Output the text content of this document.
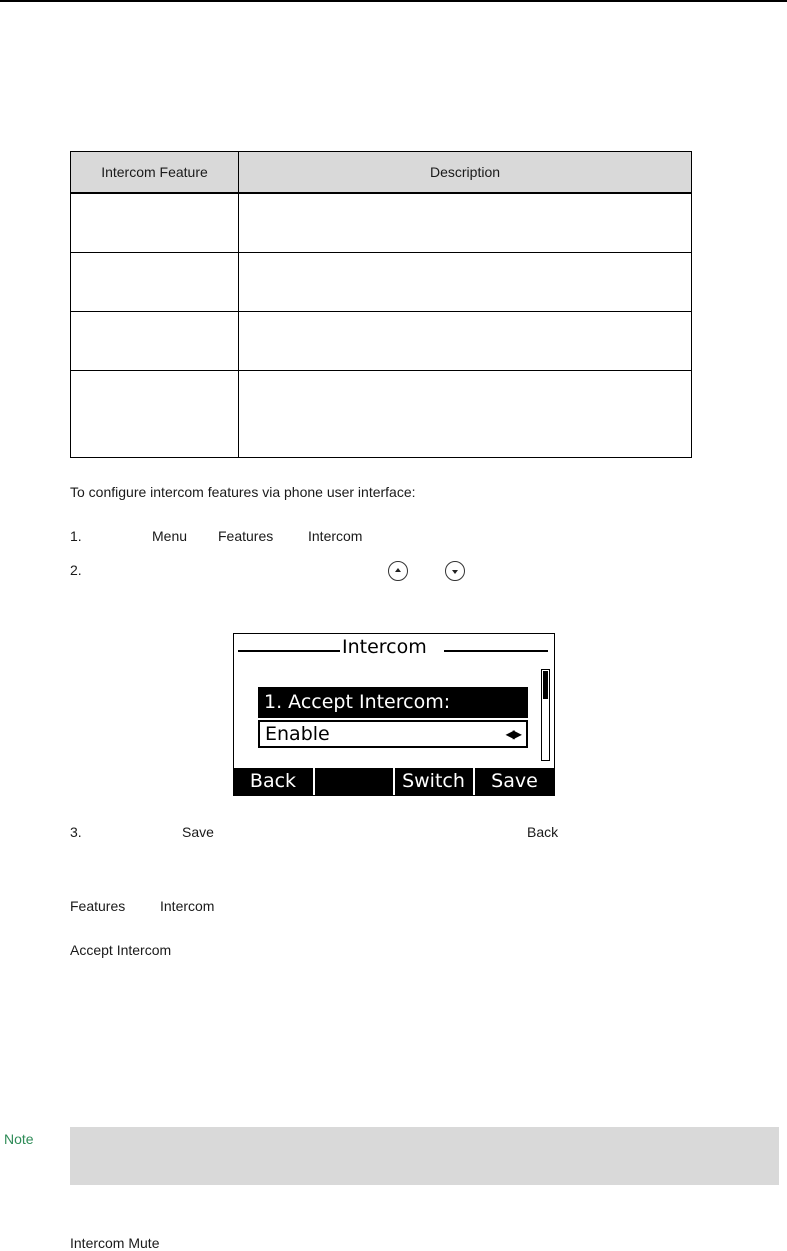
Intercom Feature	Description

To configure intercom features via phone user interface:
1.	Menu Features Intercom
2.
Intercom
1. Accept Intercom:
Enable	◀▶
Back	Switch	Save
3.	Save	Back
Features Intercom
Accept Intercom
Note
Intercom Mute
